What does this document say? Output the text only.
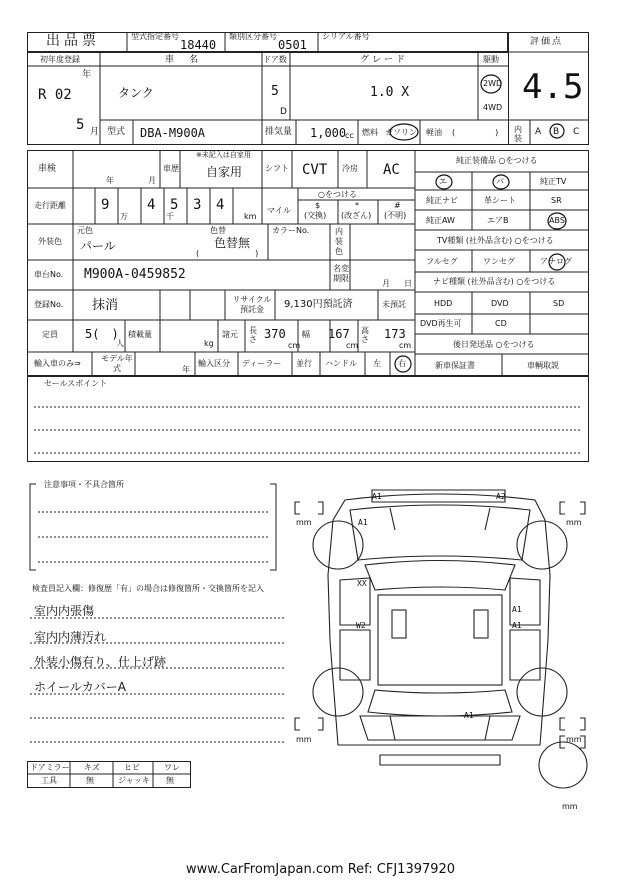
出品票	型式指定番号
18440
類別区分番号
0501
シリアル番号
評価点
4.5
初年度登録
R 02
年
5 月
車　名
タンク
ドア数
5
D
グレード
1.0 X
駆動
2WD
4WD
型式 DBA-M900A	排気量 1,000
cc 燃料 ガソリン 軽油 (　　　　　) 内装
A B C
車検
年	月
車歴
※未記入は自家用
自家用	シフト CVT 冷房 AC
走行距離	9
万
4
千
5 3 4
km
マイル
○をつける
$
(交換)
*
(改ざん)
#
(不明)
外装色
元色
パール
色替
色替無
(　　　　　　　)
カラーNo.	内装色
車台No. M900A-0459852	名変期限
月 日
登録No. 抹消	リサイクル預託金	9,130円預託済	未預託
定員 5(　)
人
積載量
kg
諸元 長さ 370
cm
幅 167
cm
高さ 173
cm
輸入車のみ⇒
モデル年式	年
輸入区分 ディーラー 並行 ハンドル 左 右
純正装備品 ○をつける
エ	パ	純正TV
純正ナビ	革シート	SR
純正AW	エアB	ABS
TV種類 (社外品含む) ○をつける
フルセグ	ワンセグ	アナログ
ナビ種類 (社外品含む) ○をつける
HDD	DVD	SD
DVD再生可	CD
後日発送品 ○をつける
新車保証書	車輌取説
セールスポイント
注意事項・不具合箇所
検査員記入欄：修復歴「有」の場合は修復箇所・交換箇所を記入
室内内張傷
室内内薄汚れ
外装小傷有り、仕上げ跡
ホイールカバーA
ドアミラー キズ	ヒビ	ワレ
工具	無	ジャッキ 無
A1	A2
A1
XX
W2
A1
A1
A1
mm	mm
mm	mm
mm
www.CarFromJapan.com Ref: CFJ1397920
